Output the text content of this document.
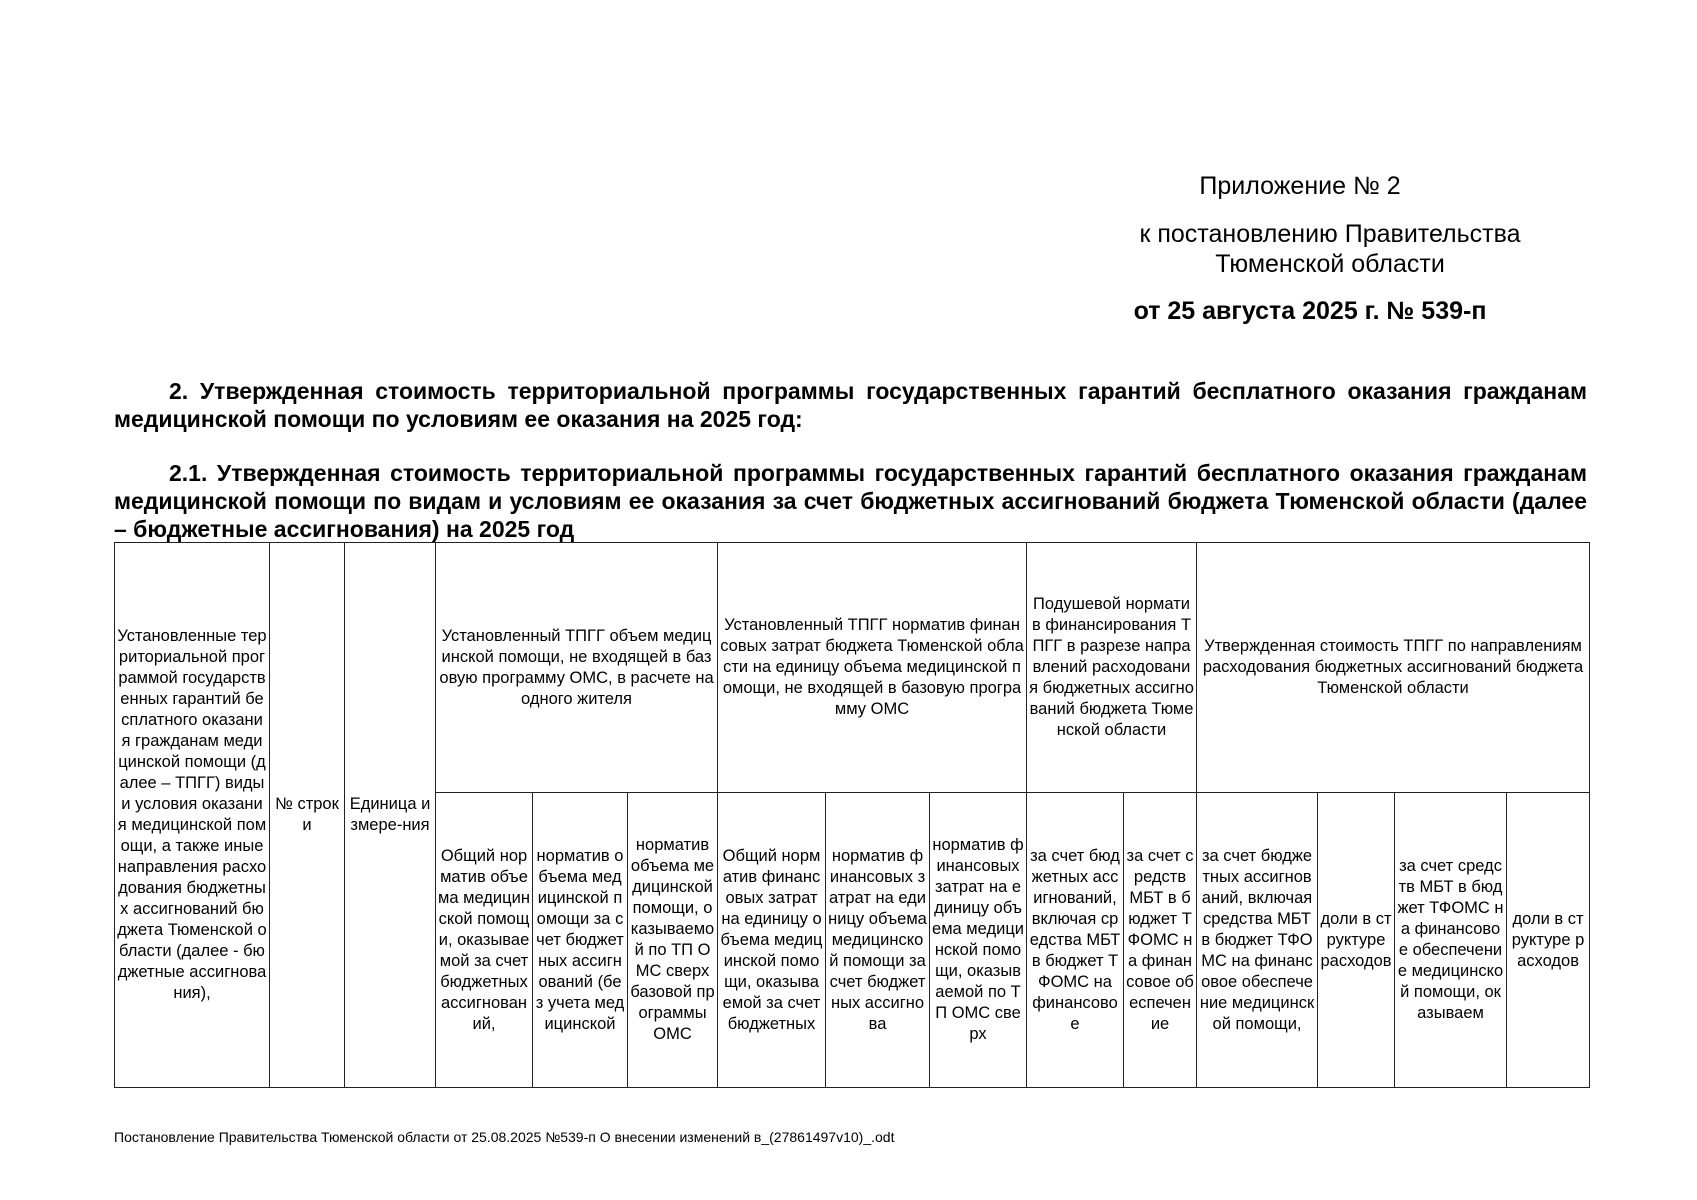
Приложение № 2
к постановлению Правительства Тюменской области
от 25 августа 2025 г. № 539-п
2. Утвержденная стоимость территориальной программы государственных гарантий бесплатного оказания гражданам медицинской помощи по условиям ее оказания на 2025 год:
2.1. Утвержденная стоимость территориальной программы государственных гарантий бесплатного оказания гражданам медицинской помощи по видам и условиям ее оказания за счет бюджетных ассигнований бюджета Тюменской области (далее – бюджетные ассигнования) на 2025 год
Установленные территориальной программой государственных гарантий бесплатного оказания гражданам медицинской помощи (далее – ТПГГ) виды и условия оказания медицинской помощи, а также иные направления расходования бюджетных ассигнований бюджета Тюменской области (далее - бюджетные ассигнования),	№ строки	Единица измере-ния	Установленный ТПГГ объем медицинской помощи, не входящей в базовую программу ОМС, в расчете на одного жителя			Установленный ТПГГ норматив финансовых затрат бюджета Тюменской области на единицу объема медицинской помощи, не входящей в базовую программу ОМС			Подушевой норматив финансирования ТПГГ в разрезе направлений расходования бюджетных ассигнований бюджета Тюменской области		Утвержденная стоимость ТПГГ по направлениям расходования бюджетных ассигнований бюджета Тюменской области			
			Общий норматив объема медицинской помощи, оказываемой за счет бюджетных ассигнований,	норматив объема медицинской помощи за счет бюджетных ассигнований (без учета медицинской	норматив объема медицинской помощи, оказываемой по ТП ОМС сверх базовой программы ОМС	Общий норматив финансовых затрат на единицу объема медицинской помощи, оказываемой за счет бюджетных	норматив финансовых затрат на единицу объема медицинской помощи за счет бюджетных ассигнова	норматив финансовых затрат на единицу объема медицинской помощи, оказываемой по ТП ОМС сверх	за счет бюджетных ассигнований, включая средства МБТ в бюджет ТФОМС на финансовое	за счет средств МБТ в бюджет ТФОМС на финансовое обеспечение	за счет бюджетных ассигнований, включая средства МБТ в бюджет ТФОМС на финансовое обеспечение медицинской помощи,	доли в структуре расходов	за счет средств МБТ в бюджет ТФОМС на финансовое обеспечение медицинской помощи, оказываем	доли в структуре расходов
Постановление Правительства Тюменской области от 25.08.2025 №539-п О внесении изменений в_(27861497v10)_.odt
